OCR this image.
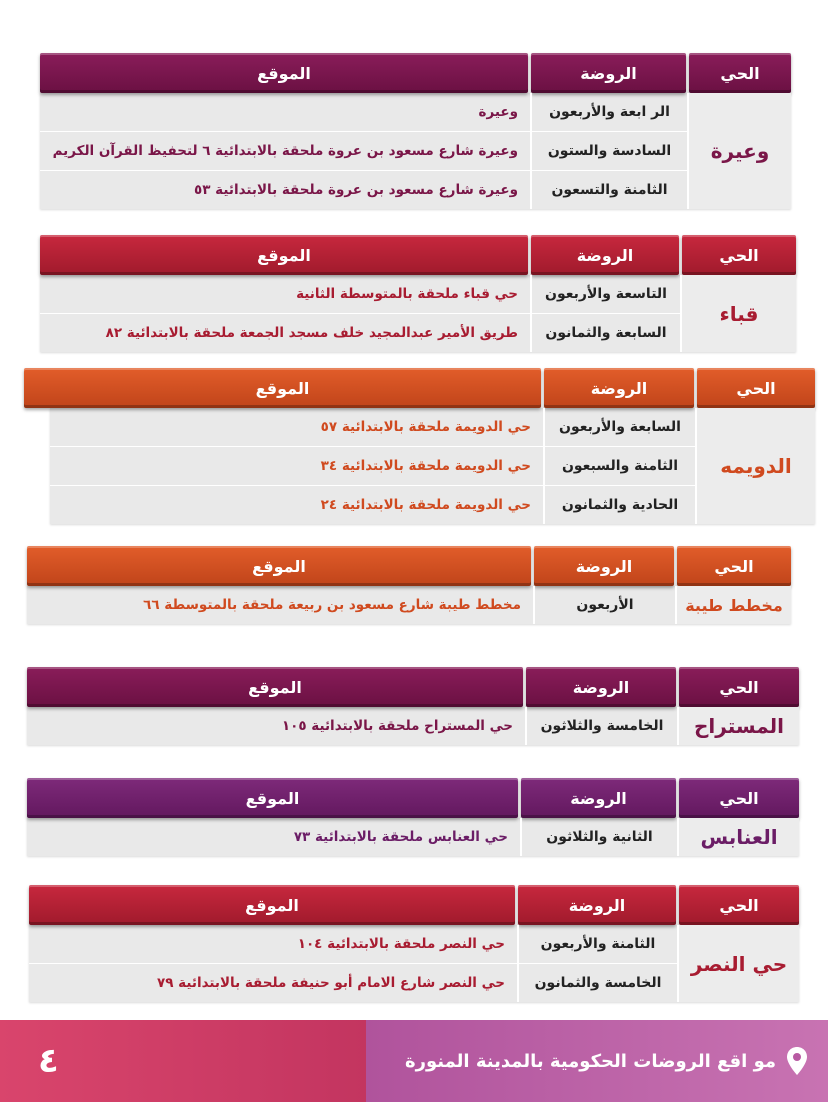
الحي
الروضة
الموقع
وعيرة
الر ابعة والأربعون
وعيرة
السادسة والستون
وعيرة شارع مسعود بن عروة ملحقة بالابتدائية ٦ لتحفيظ القرآن الكريم
الثامنة والتسعون
وعيرة شارع مسعود بن عروة ملحقة بالابتدائية ٥٣
الحي
الروضة
الموقع
قباء
التاسعة والأربعون
حي قباء ملحقة بالمتوسطة الثانية
السابعة والثمانون
طريق الأمير عبدالمجيد خلف مسجد الجمعة ملحقة بالابتدائية ٨٢
الحي
الروضة
الموقع
الدويمه
السابعة والأربعون
حي الدويمة ملحقة بالابتدائية ٥٧
الثامنة والسبعون
حي الدويمة ملحقة بالابتدائية ٣٤
الحادية والثمانون
حي الدويمة ملحقة بالابتدائية ٢٤
الحي
الروضة
الموقع
مخطط طيبة
الأربعون
مخطط طيبة شارع مسعود بن ربيعة ملحقة بالمتوسطة ٦٦
الحي
الروضة
الموقع
المستراح
الخامسة والثلاثون
حي المستراح ملحقة بالابتدائية ١٠٥
الحي
الروضة
الموقع
العنابس
الثانية والثلاثون
حي العنابس ملحقة بالابتدائية ٧٣
الحي
الروضة
الموقع
حي النصر
الثامنة والأربعون
حي النصر ملحقة بالابتدائية ١٠٤
الخامسة والثمانون
حي النصر شارع الامام أبو حنيفة ملحقة بالابتدائية ٧٩
مو اقع الروضات الحكومية بالمدينة المنورة
٤
